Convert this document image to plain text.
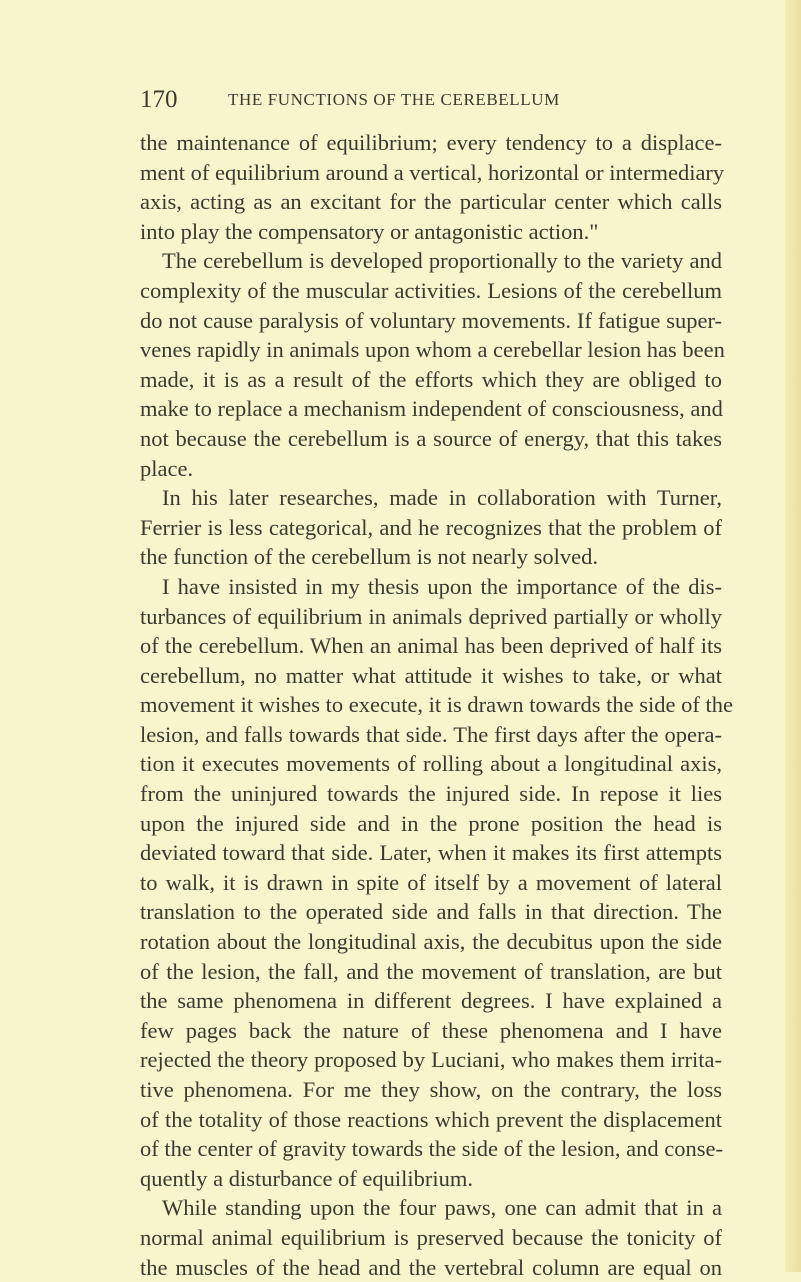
170	THE FUNCTIONS OF THE CEREBELLUM
the maintenance of equilibrium; every tendency to a displace-
ment of equilibrium around a vertical, horizontal or intermediary
axis, acting as an excitant for the particular center which calls
into play the compensatory or antagonistic action."
The cerebellum is developed proportionally to the variety and
complexity of the muscular activities. Lesions of the cerebellum
do not cause paralysis of voluntary movements. If fatigue super-
venes rapidly in animals upon whom a cerebellar lesion has been
made, it is as a result of the efforts which they are obliged to
make to replace a mechanism independent of consciousness, and
not because the cerebellum is a source of energy, that this takes
place.
In his later researches, made in collaboration with Turner,
Ferrier is less categorical, and he recognizes that the problem of
the function of the cerebellum is not nearly solved.
I have insisted in my thesis upon the importance of the dis-
turbances of equilibrium in animals deprived partially or wholly
of the cerebellum. When an animal has been deprived of half its
cerebellum, no matter what attitude it wishes to take, or what
movement it wishes to execute, it is drawn towards the side of the
lesion, and falls towards that side. The first days after the opera-
tion it executes movements of rolling about a longitudinal axis,
from the uninjured towards the injured side. In repose it lies
upon the injured side and in the prone position the head is
deviated toward that side. Later, when it makes its first attempts
to walk, it is drawn in spite of itself by a movement of lateral
translation to the operated side and falls in that direction. The
rotation about the longitudinal axis, the decubitus upon the side
of the lesion, the fall, and the movement of translation, are but
the same phenomena in different degrees. I have explained a
few pages back the nature of these phenomena and I have
rejected the theory proposed by Luciani, who makes them irrita-
tive phenomena. For me they show, on the contrary, the loss
of the totality of those reactions which prevent the displacement
of the center of gravity towards the side of the lesion, and conse-
quently a disturbance of equilibrium.
While standing upon the four paws, one can admit that in a
normal animal equilibrium is preserved because the tonicity of
the muscles of the head and the vertebral column are equal on
